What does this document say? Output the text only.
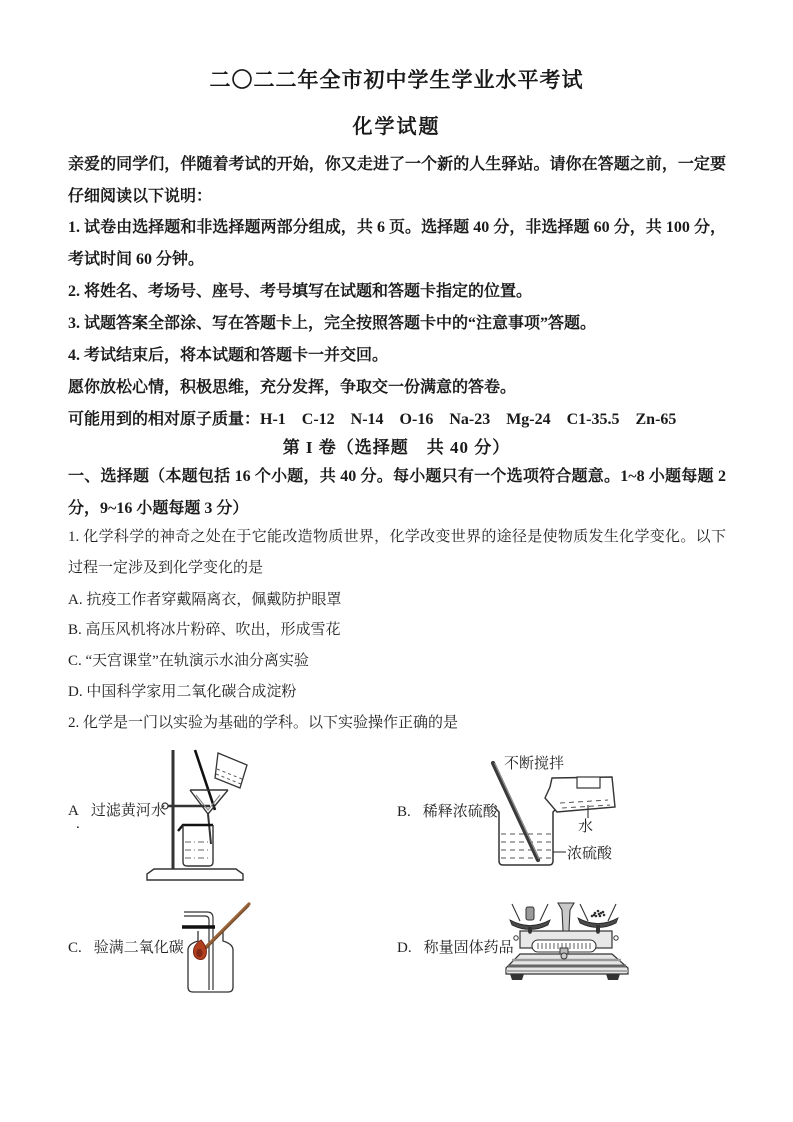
二〇二二年全市初中学生学业水平考试
化学试题
亲爱的同学们，伴随着考试的开始，你又走进了一个新的人生驿站。请你在答题之前，一定要仔细阅读以下说明：
1. 试卷由选择题和非选择题两部分组成，共 6 页。选择题 40 分，非选择题 60 分，共 100 分，考试时间 60 分钟。
2. 将姓名、考场号、座号、考号填写在试题和答题卡指定的位置。
3. 试题答案全部涂、写在答题卡上，完全按照答题卡中的“注意事项”答题。
4. 考试结束后，将本试题和答题卡一并交回。
愿你放松心情，积极思维，充分发挥，争取交一份满意的答卷。
可能用到的相对原子质量：H-1　C-12　N-14　O-16　Na-23　Mg-24　C1-35.5　Zn-65
第 I 卷（选择题　共 40 分）
一、选择题（本题包括 16 个小题，共 40 分。每小题只有一个选项符合题意。1~8 小题每题 2 分，9~16 小题每题 3 分）
1. 化学科学的神奇之处在于它能改造物质世界，化学改变世界的途径是使物质发生化学变化。以下过程一定涉及到化学变化的是
A. 抗疫工作者穿戴隔离衣，佩戴防护眼罩
B. 高压风机将冰片粉碎、吹出，形成雪花
C. “天宫课堂”在轨演示水油分离实验
D. 中国科学家用二氧化碳合成淀粉
2. 化学是一门以实验为基础的学科。以下实验操作正确的是
A 过滤黄河水
.
B. 稀释浓硫酸
C. 验满二氧化碳	D. 称量固体药品
不断搅拌
水
浓硫酸
